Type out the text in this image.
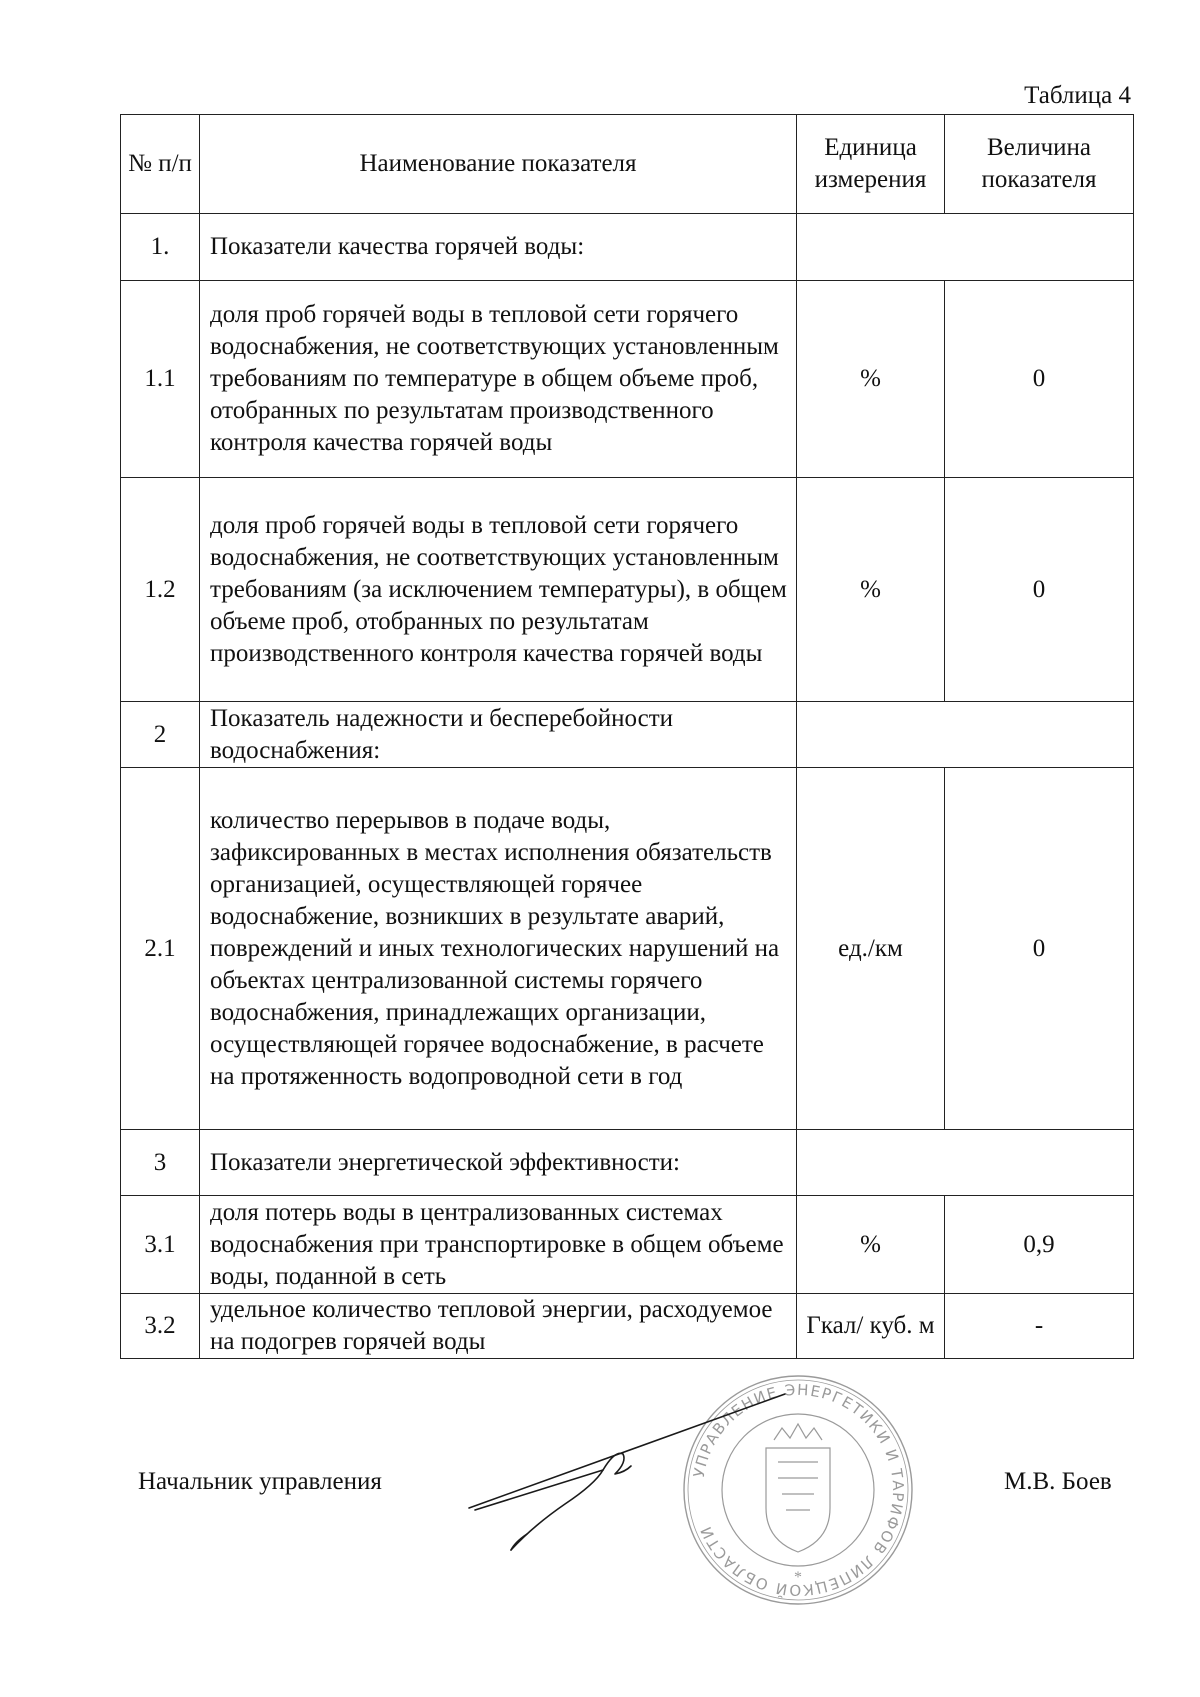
Таблица 4
№ п/п	Наименование показателя	Единица измерения	Величина показателя
1.	Показатели качества горячей воды:		
1.1	доля проб горячей воды в тепловой сети горячего водоснабжения, не соответствующих установленным требованиям по температуре в общем объеме проб, отобранных по результатам производственного контроля качества горячей воды	%	0
1.2	доля проб горячей воды в тепловой сети горячего водоснабжения, не соответствующих установленным требованиям (за исключением температуры), в общем объеме проб, отобранных по результатам производственного контроля качества горячей воды	%	0
2	Показатель надежности и бесперебойности водоснабжения:		
2.1	количество перерывов в подаче воды, зафиксированных в местах исполнения обязательств организацией, осуществляющей горячее водоснабжение, возникших в результате аварий, повреждений и иных технологических нарушений на объектах централизованной системы горячего водоснабжения, принадлежащих организации, осуществляющей горячее водоснабжение, в расчете на протяженность водопроводной сети в год	ед./км	0
3	Показатели энергетической эффективности:		
3.1	доля потерь воды в централизованных системах водоснабжения при транспортировке в общем объеме воды, поданной в сеть	%	0,9
3.2	удельное количество тепловой энергии, расходуемое на подогрев горячей воды	Гкал/ куб. м	-
Начальник управления	М.В. Боев
УПРАВЛЕНИЕ ЭНЕРГЕТИКИ И ТАРИФОВ ЛИПЕЦКОЙ ОБЛАСТИ
*
